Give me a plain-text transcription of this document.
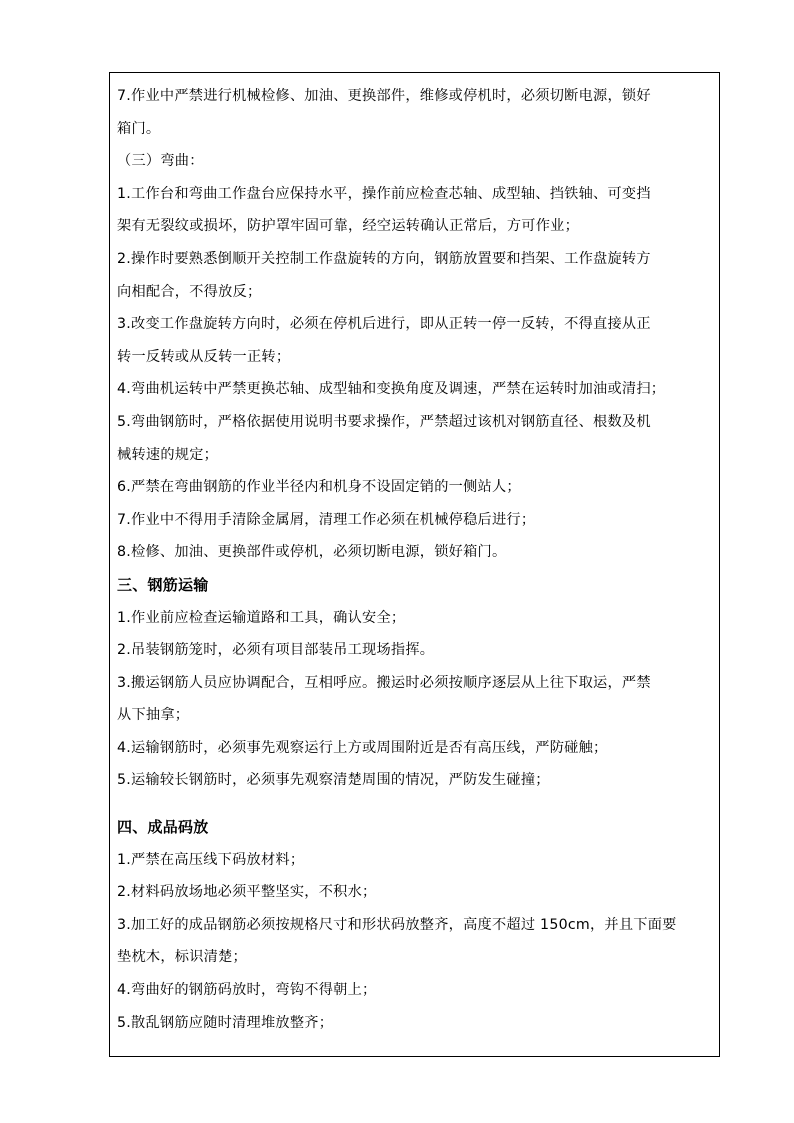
7.作业中严禁进行机械检修、加油、更换部件，维修或停机时，必须切断电源，锁好
箱门。
（三）弯曲：
1.工作台和弯曲工作盘台应保持水平，操作前应检查芯轴、成型轴、挡铁轴、可变挡
架有无裂纹或损坏，防护罩牢固可靠，经空运转确认正常后，方可作业；
2.操作时要熟悉倒顺开关控制工作盘旋转的方向，钢筋放置要和挡架、工作盘旋转方
向相配合，不得放反；
3.改变工作盘旋转方向时，必须在停机后进行，即从正转一停一反转，不得直接从正
转一反转或从反转一正转；
4.弯曲机运转中严禁更换芯轴、成型轴和变换角度及调速，严禁在运转时加油或清扫；
5.弯曲钢筋时，严格依据使用说明书要求操作，严禁超过该机对钢筋直径、根数及机
械转速的规定；
6.严禁在弯曲钢筋的作业半径内和机身不设固定销的一侧站人；
7.作业中不得用手清除金属屑，清理工作必须在机械停稳后进行；
8.检修、加油、更换部件或停机，必须切断电源，锁好箱门。
三、钢筋运输
1.作业前应检查运输道路和工具，确认安全；
2.吊装钢筋笼时，必须有项目部装吊工现场指挥。
3.搬运钢筋人员应协调配合，互相呼应。搬运时必须按顺序逐层从上往下取运，严禁
从下抽拿；
4.运输钢筋时，必须事先观察运行上方或周围附近是否有高压线，严防碰触；
5.运输较长钢筋时，必须事先观察清楚周围的情况，严防发生碰撞；
四、成品码放
1.严禁在高压线下码放材料；
2.材料码放场地必须平整坚实，不积水；
3.加工好的成品钢筋必须按规格尺寸和形状码放整齐，高度不超过 150cm，并且下面要
垫枕木，标识清楚；
4.弯曲好的钢筋码放时，弯钩不得朝上；
5.散乱钢筋应随时清理堆放整齐；
